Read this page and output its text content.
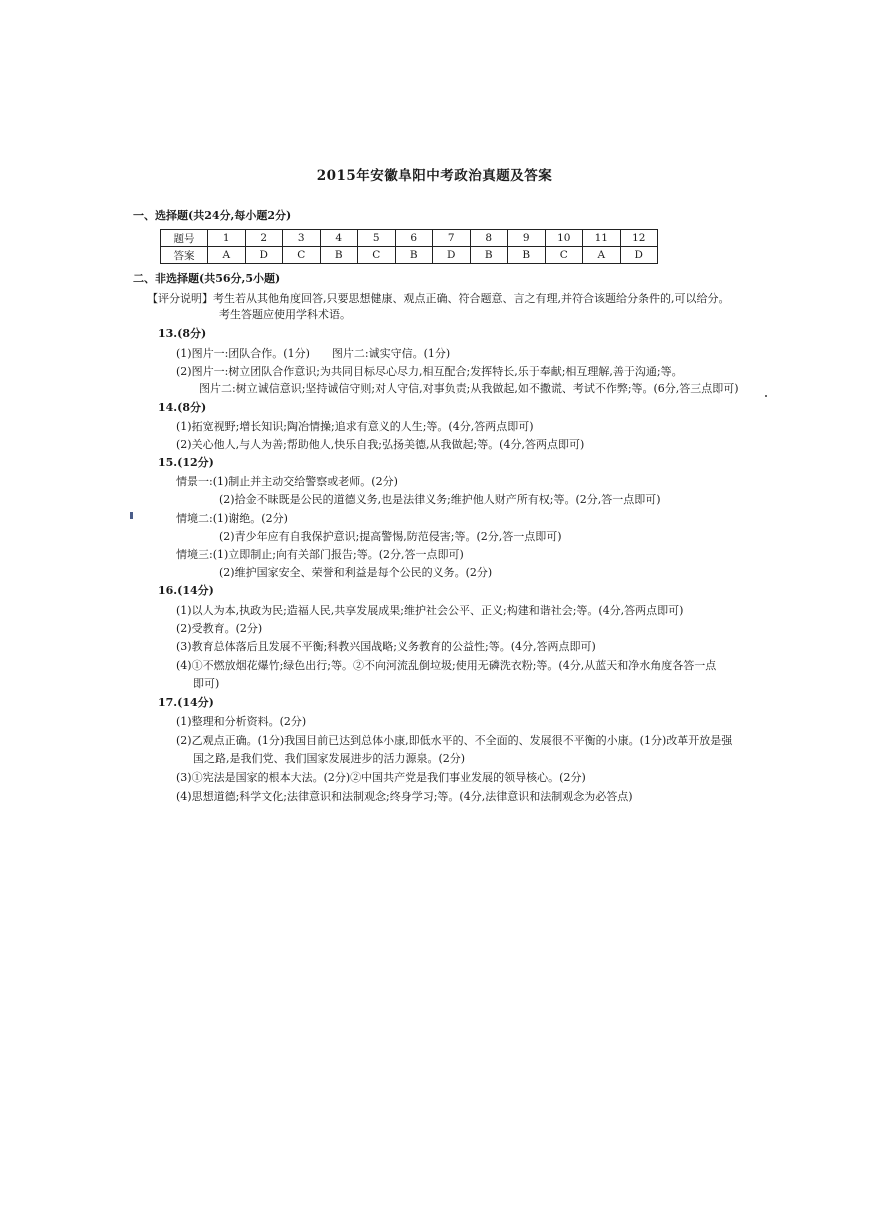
2015年安徽阜阳中考政治真题及答案
一、选择题(共24分,每小题2分)
题号	1	2	3	4	5	6	7	8	9	10	11	12
答案	A	D	C	B	C	B	D	B	B	C	A	D
二、非选择题(共56分,5小题)
【评分说明】考生若从其他角度回答,只要思想健康、观点正确、符合题意、言之有理,并符合该题给分条件的,可以给分。
考生答题应使用学科术语。
13.(8分)
(1)图片一:团队合作。(1分)　　图片二:诚实守信。(1分)
(2)图片一:树立团队合作意识;为共同目标尽心尽力,相互配合;发挥特长,乐于奉献;相互理解,善于沟通;等。
图片二:树立诚信意识;坚持诚信守则;对人守信,对事负责;从我做起,如不撒谎、考试不作弊;等。(6分,答三点即可)
14.(8分)
(1)拓宽视野;增长知识;陶冶情操;追求有意义的人生;等。(4分,答两点即可)
(2)关心他人,与人为善;帮助他人,快乐自我;弘扬美德,从我做起;等。(4分,答两点即可)
15.(12分)
情景一:(1)制止并主动交给警察或老师。(2分)
(2)拾金不昧既是公民的道德义务,也是法律义务;维护他人财产所有权;等。(2分,答一点即可)
情境二:(1)谢绝。(2分)
(2)青少年应有自我保护意识;提高警惕,防范侵害;等。(2分,答一点即可)
情境三:(1)立即制止;向有关部门报告;等。(2分,答一点即可)
(2)维护国家安全、荣誉和利益是每个公民的义务。(2分)
16.(14分)
(1)以人为本,执政为民;造福人民,共享发展成果;维护社会公平、正义;构建和谐社会;等。(4分,答两点即可)
(2)受教育。(2分)
(3)教育总体落后且发展不平衡;科教兴国战略;义务教育的公益性;等。(4分,答两点即可)
(4)①不燃放烟花爆竹;绿色出行;等。②不向河流乱倒垃圾;使用无磷洗衣粉;等。(4分,从蓝天和净水角度各答一点
即可)
17.(14分)
(1)整理和分析资料。(2分)
(2)乙观点正确。(1分)我国目前已达到总体小康,即低水平的、不全面的、发展很不平衡的小康。(1分)改革开放是强
国之路,是我们党、我们国家发展进步的活力源泉。(2分)
(3)①宪法是国家的根本大法。(2分)②中国共产党是我们事业发展的领导核心。(2分)
(4)思想道德;科学文化;法律意识和法制观念;终身学习;等。(4分,法律意识和法制观念为必答点)
